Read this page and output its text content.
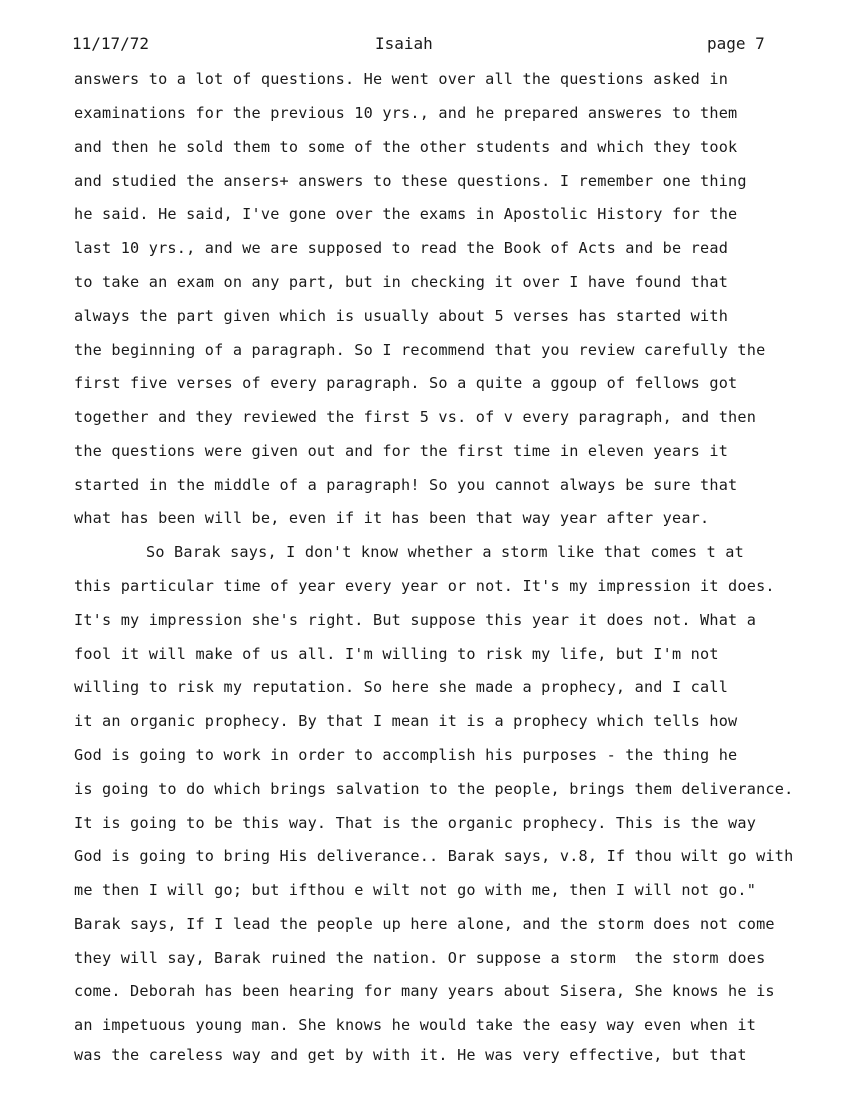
11/17/72	Isaiah	page 7
answers to a lot of questions. He went over all the questions asked in
examinations for the previous 10 yrs., and he prepared answeres to them
and then he sold them to some of the other students and which they took
and studied the ansers+ answers to these questions. I remember one thing
he said. He said, I've gone over the exams in Apostolic History for the
last 10 yrs., and we are supposed to read the Book of Acts and be read
to take an exam on any part, but in checking it over I have found that
always the part given which is usually about 5 verses has started with
the beginning of a paragraph. So I recommend that you review carefully the
first five verses of every paragraph. So a quite a ggoup of fellows got
together and they reviewed the first 5 vs. of v every paragraph, and then
the questions were given out and for the first time in eleven years it
started in the middle of a paragraph! So you cannot always be sure that
what has been will be, even if it has been that way year after year.
So Barak says, I don't know whether a storm like that comes t at
this particular time of year every year or not. It's my impression it does.
It's my impression she's right. But suppose this year it does not. What a
fool it will make of us all. I'm willing to risk my life, but I'm not
willing to risk my reputation. So here she made a prophecy, and I call
it an organic prophecy. By that I mean it is a prophecy which tells how
God is going to work in order to accomplish his purposes - the thing he
is going to do which brings salvation to the people, brings them deliverance.
It is going to be this way. That is the organic prophecy. This is the way
God is going to bring His deliverance.. Barak says, v.8, If thou wilt go with
me then I will go; but ifthou e wilt not go with me, then I will not go."
Barak says, If I lead the people up here alone, and the storm does not come
they will say, Barak ruined the nation. Or suppose a storm  the storm does
come. Deborah has been hearing for many years about Sisera, She knows he is
an impetuous young man. She knows he would take the easy way even when it
was the careless way and get by with it. He was very effective, but that
